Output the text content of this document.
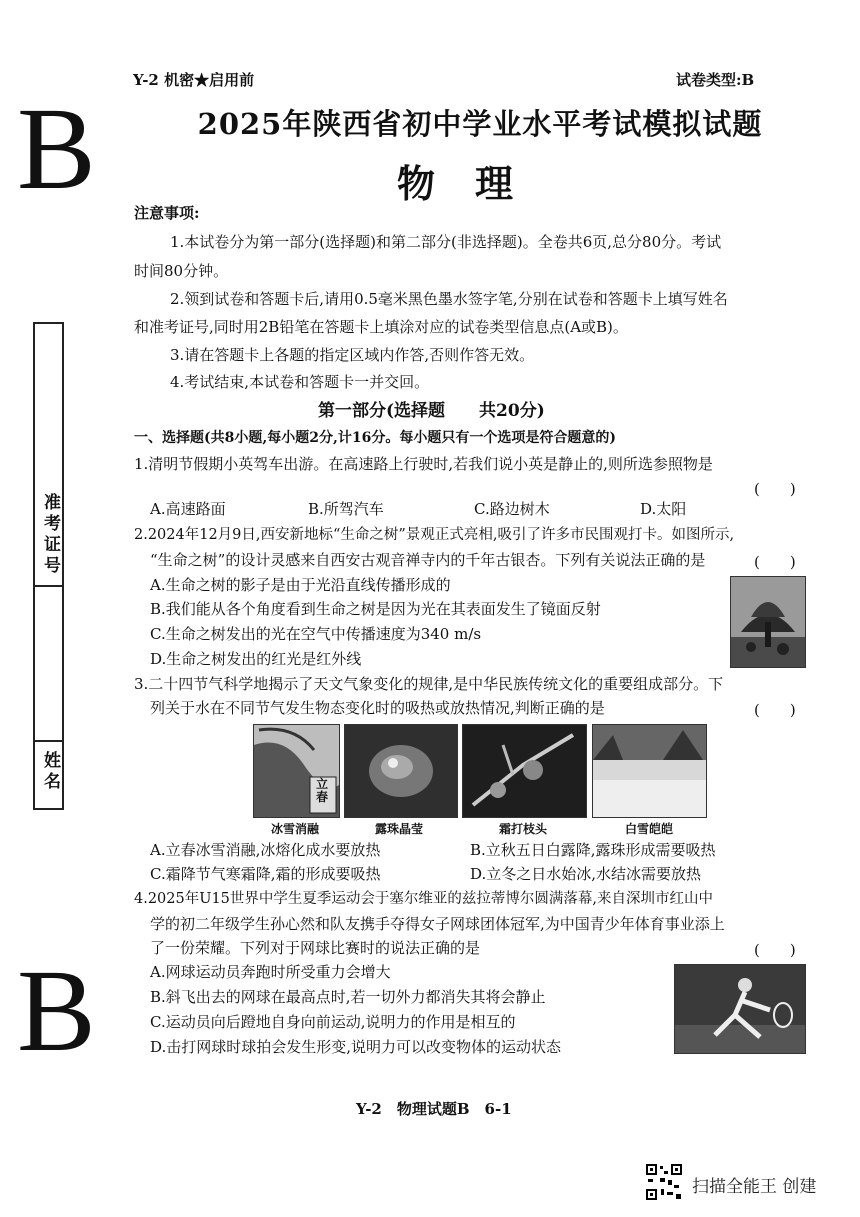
Y-2 机密★启用前	试卷类型:B
B	2025年陕西省初中学业水平考试模拟试题
物理
准考证号
姓名
注意事项:
1.本试卷分为第一部分(选择题)和第二部分(非选择题)。全卷共6页,总分80分。考试
时间80分钟。
2.领到试卷和答题卡后,请用0.5毫米黑色墨水签字笔,分别在试卷和答题卡上填写姓名
和准考证号,同时用2B铅笔在答题卡上填涂对应的试卷类型信息点(A或B)。
3.请在答题卡上各题的指定区域内作答,否则作答无效。
4.考试结束,本试卷和答题卡一并交回。
第一部分(选择题　　共20分)
一、选择题(共8小题,每小题2分,计16分。每小题只有一个选项是符合题意的)
1.清明节假期小英驾车出游。在高速路上行驶时,若我们说小英是静止的,则所选参照物是
(　　)
A.高速路面	B.所驾汽车	C.路边树木	D.太阳
2.2024年12月9日,西安新地标“生命之树”景观正式亮相,吸引了许多市民围观打卡。如图所示,
“生命之树”的设计灵感来自西安古观音禅寺内的千年古银杏。下列有关说法正确的是	(　　)
A.生命之树的影子是由于光沿直线传播形成的
B.我们能从各个角度看到生命之树是因为光在其表面发生了镜面反射
C.生命之树发出的光在空气中传播速度为340 m/s
D.生命之树发出的红光是红外线
3.二十四节气科学地揭示了天文气象变化的规律,是中华民族传统文化的重要组成部分。下
列关于水在不同节气发生物态变化时的吸热或放热情况,判断正确的是	(　　)
立春
冰雪消融	露珠晶莹	霜打枝头	白雪皑皑
A.立春冰雪消融,冰熔化成水要放热	B.立秋五日白露降,露珠形成需要吸热
C.霜降节气寒霜降,霜的形成要吸热	D.立冬之日水始冰,水结冰需要放热
4.2025年U15世界中学生夏季运动会于塞尔维亚的兹拉蒂博尔圆满落幕,来自深圳市红山中
学的初二年级学生孙心然和队友携手夺得女子网球团体冠军,为中国青少年体育事业添上
了一份荣耀。下列对于网球比赛时的说法正确的是	(　　)
A.网球运动员奔跑时所受重力会增大
B.斜飞出去的网球在最高点时,若一切外力都消失其将会静止
C.运动员向后蹬地自身向前运动,说明力的作用是相互的
D.击打网球时球拍会发生形变,说明力可以改变物体的运动状态
B
Y-2　物理试题B　6-1
扫描全能王 创建
